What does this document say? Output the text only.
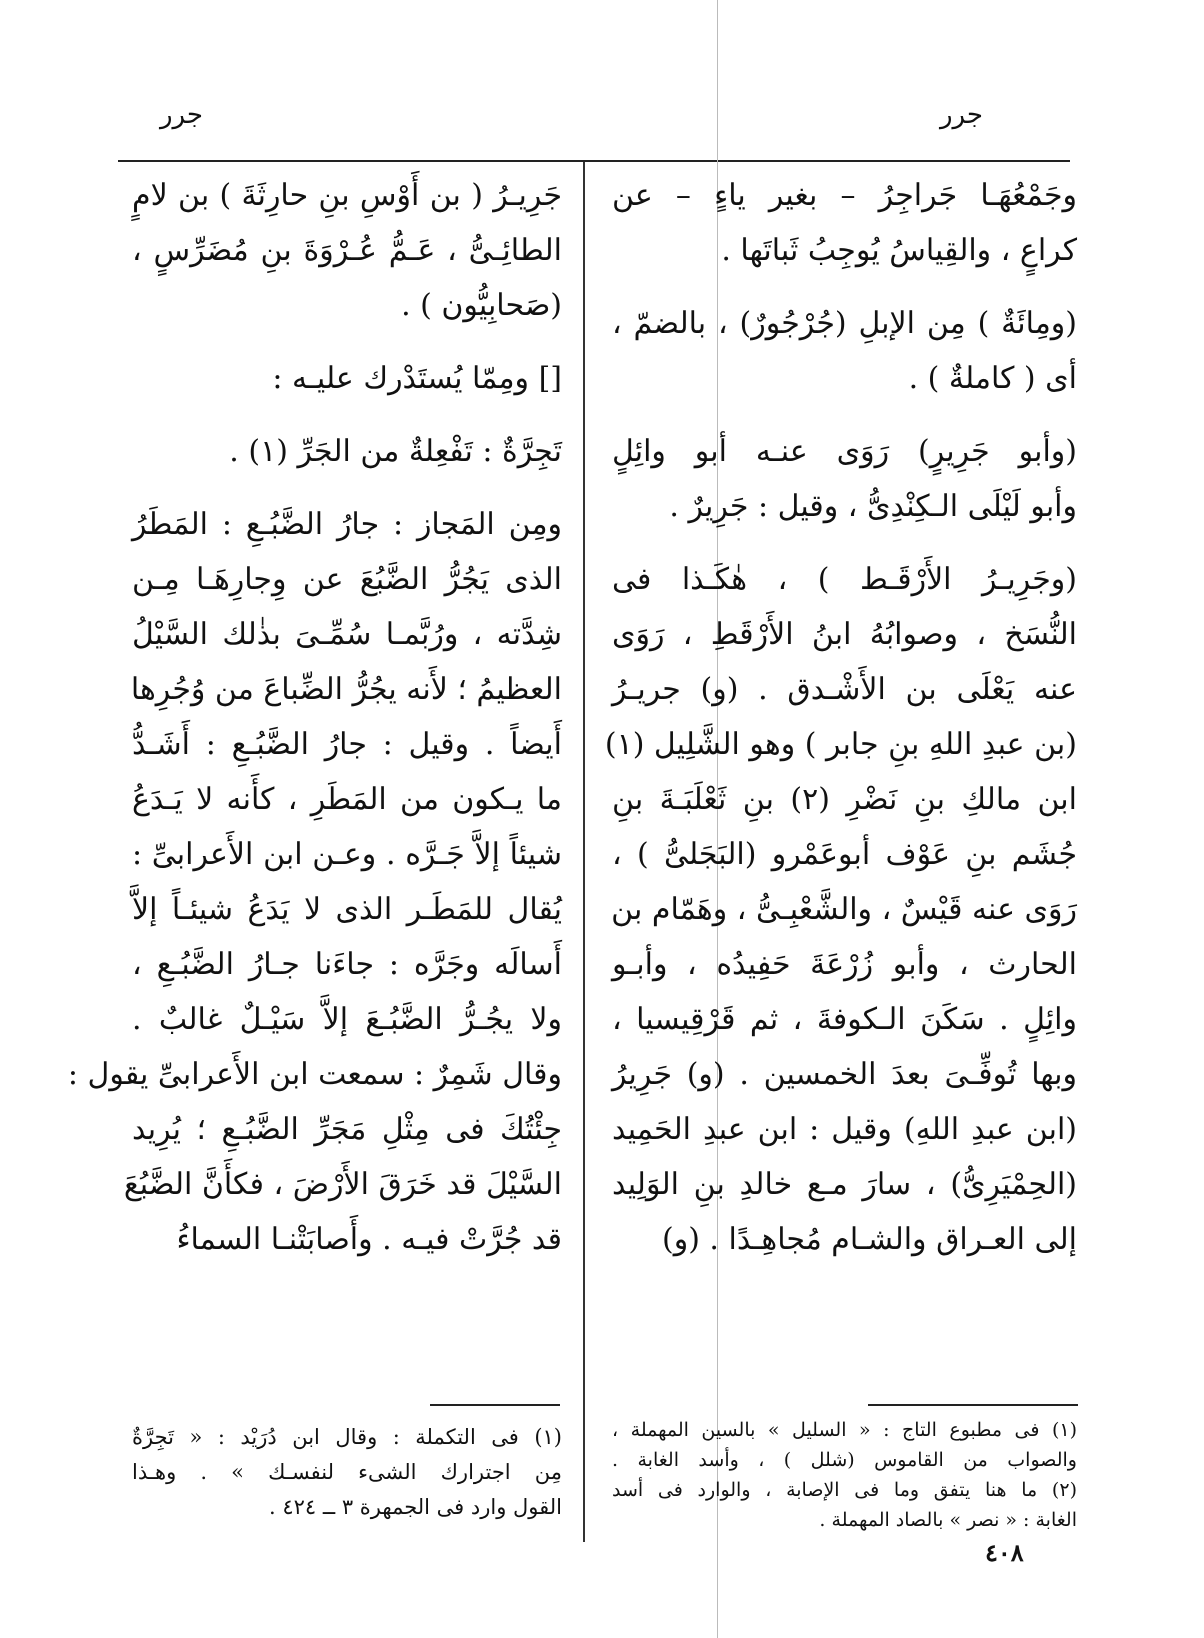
جرر
جرر
وجَمْعُهَـا جَراجِرُ – بغير ياءٍ – عن
كراعٍ ، والقِياسُ يُوجِبُ ثَباتَها .
(ومِائَةٌ ) مِن الإبلِ (جُرْجُورٌ) ، بالضمّ ،
أى ( كاملةٌ ) .
(وأبو جَرِيرٍ) رَوَى عنـه أبو وائِلٍ
وأبو لَيْلَى الـكِنْدِىُّ ، وقيل : جَرِيرٌ .
(وجَرِيـرُ الأَرْقَـط ) ، هٰكَـذا فى
النُّسَخ ، وصوابُهُ ابنُ الأَرْقَطِ ، رَوَى
عنه يَعْلَى بن الأَشْـدق . (و) جريـرُ
(بن عبدِ اللهِ بنِ جابر ) وهو الشَّلِيل (١)
ابن مالكِ بنِ نَضْرِ (٢) بنِ ثَعْلَبَـةَ بنِ
جُشَم بنِ عَوْف أبوعَمْرو (البَجَلىُّ ) ،
رَوَى عنه قَيْسٌ ، والشَّعْبِـىُّ ، وهَمّام بن
الحارث ، وأبو زُرْعَةَ حَفِيدُه ، وأبـو
وائِلٍ . سَكَنَ الـكوفةَ ، ثم قَرْقِيسيا ،
وبها تُوفِّـىَ بعدَ الخمسين . (و) جَرِيرُ
(ابن عبدِ اللهِ) وقيل : ابن عبدِ الحَمِيد
(الحِمْيَرِىُّ) ، سارَ مـع خالدِ بنِ الوَلِيد
إلى العـراق والشـام مُجاهِـدًا . (و)
جَرِيـرُ ( بن أَوْسِ بنِ حارِثَةَ ) بن لامٍ
الطائِـىُّ ، عَـمُّ عُـرْوَةَ بنِ مُضَرِّسٍ ،
(صَحابِيُّون ) .
[] ومِمّا يُستَدْرك عليـه :
تَجِرَّةٌ : تَفْعِلةٌ من الجَرِّ (١) .
ومِن المَجاز : جارُ الضَّبُـعِ : المَطَرُ
الذى يَجُرُّ الضَّبُعَ عن وِجارِهَـا مِـن
شِدَّته ، ورُبَّمـا سُمِّـىَ بذٰلك السَّيْلُ
العظيمُ ؛ لأَنه يجُرُّ الضِّباعَ من وُجُرِها
أَيضاً . وقيل : جارُ الضَّبُـعِ : أَشَـدُّ
ما يـكون من المَطَرِ ، كأَنه لا يَـدَعُ
شيئاً إلاَّ جَـرَّه . وعـن ابن الأَعرابىِّ :
يُقال للمَطَـر الذى لا يَدَعُ شيئـاً إلاَّ
أَسالَه وجَرَّه : جاءَنا جـارُ الضَّبُـعِ ،
ولا يجُـرُّ الضَّبُـعَ إلاَّ سَيْـلٌ غالبٌ .
وقال شَمِرٌ : سمعت ابن الأَعرابىِّ يقول :
جِئْتُكَ فى مِثْلِ مَجَرِّ الضَّبُـعِ ؛ يُرِيد
السَّيْلَ قد خَرَقَ الأَرْضَ ، فكأَنَّ الضَّبُعَ
قد جُرَّتْ فيـه . وأَصابَتْنـا السماءُ
(١) فى مطبوع التاج : « السليل » بالسين المهملة ،
والصواب من القاموس (شلل ) ، وأسد الغابة .
(٢) ما هنا يتفق وما فى الإصابة ، والوارد فى أسد
الغابة : « نصر » بالصاد المهملة .
(١) فى التكملة : وقال ابن دُرَيْد : « تَجِرَّةٌ
مِن اجترارك الشىء لنفسـك » . وهـذا
القول وارد فى الجمهرة ٣ ــ ٤٢٤ .
٤٠٨
